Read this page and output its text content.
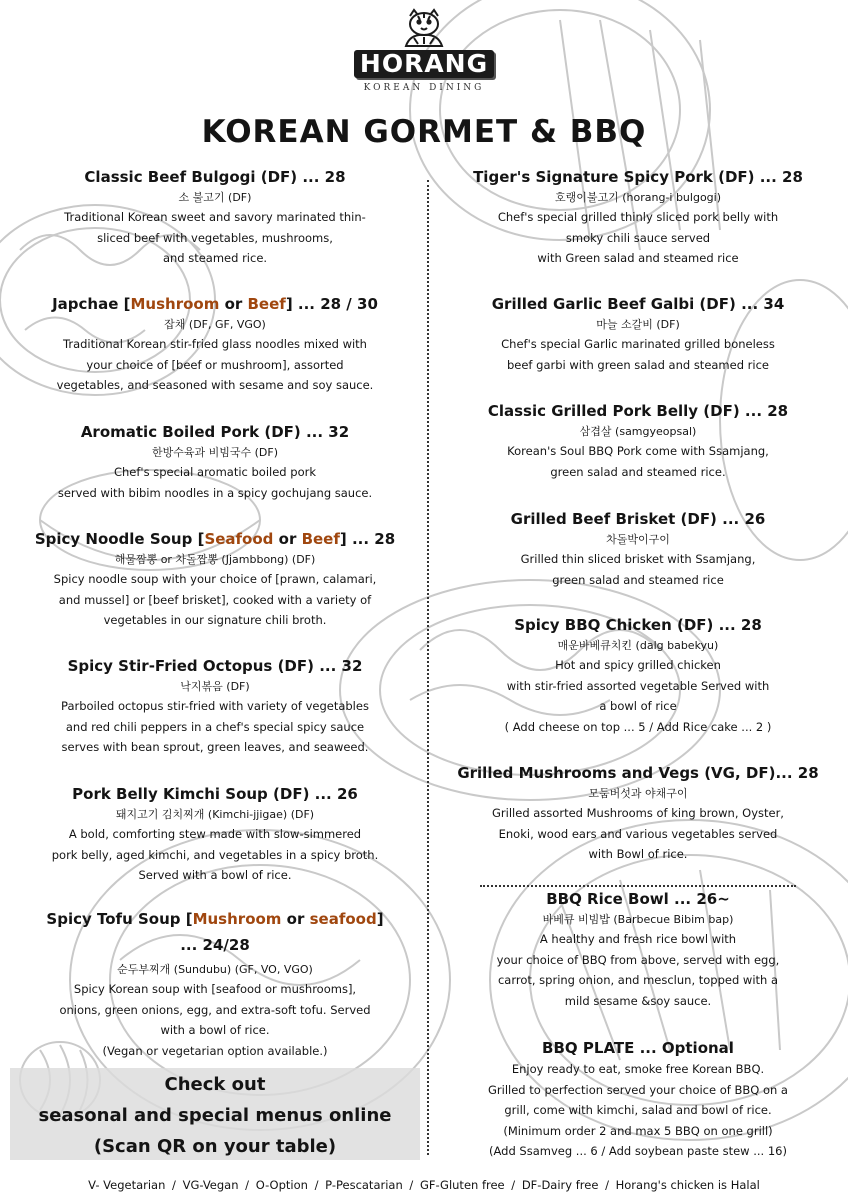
HORANG
KOREAN DINING
KOREAN GORMET & BBQ
Classic Beef Bulgogi (DF) ... 28
소 불고기 (DF)
Traditional Korean sweet and savory marinated thin-
sliced beef with vegetables, mushrooms,
and steamed rice.
Japchae [Mushroom or Beef] ... 28 / 30
잡채 (DF, GF, VGO)
Traditional Korean stir-fried glass noodles mixed with
your choice of [beef or mushroom], assorted
vegetables, and seasoned with sesame and soy sauce.
Aromatic Boiled Pork (DF) ... 32
한방수육과 비빔국수 (DF)
Chef's special aromatic boiled pork
served with bibim noodles in a spicy gochujang sauce.
Spicy Noodle Soup [Seafood or Beef] ... 28
해물짬뽕 or 차돌짬뽕 (Jjambbong) (DF)
Spicy noodle soup with your choice of [prawn, calamari,
and mussel] or [beef brisket], cooked with a variety of
vegetables in our signature chili broth.
Spicy Stir-Fried Octopus (DF) ... 32
낙지볶음 (DF)
Parboiled octopus stir-fried with variety of vegetables
and red chili peppers in a chef's special spicy sauce
serves with bean sprout, green leaves, and seaweed.
Pork Belly Kimchi Soup (DF) ... 26
돼지고기 김치찌개 (Kimchi-jjigae) (DF)
A bold, comforting stew made with slow-simmered
pork belly, aged kimchi, and vegetables in a spicy broth.
Served with a bowl of rice.
Spicy Tofu Soup [Mushroom or seafood]
... 24/28
순두부찌개 (Sundubu) (GF, VO, VGO)
Spicy Korean soup with [seafood or mushrooms],
onions, green onions, egg, and extra-soft tofu. Served
with a bowl of rice.
(Vegan or vegetarian option available.)
Check out
seasonal and special menus online
(Scan QR on your table)
Tiger's Signature Spicy Pork (DF) ... 28
호랭이불고기 (horang-i bulgogi)
Chef's special grilled thinly sliced pork belly with
smoky chili sauce served
with Green salad and steamed rice
Grilled Garlic Beef Galbi (DF) ... 34
마늘 소갈비 (DF)
Chef's special Garlic marinated grilled boneless
beef garbi with green salad and steamed rice
Classic Grilled Pork Belly (DF) ... 28
삼겹살 (samgyeopsal)
Korean's Soul BBQ Pork come with Ssamjang,
green salad and steamed rice.
Grilled Beef Brisket (DF) ... 26
차돌박이구이
Grilled thin sliced brisket with Ssamjang,
green salad and steamed rice
Spicy BBQ Chicken (DF) ... 28
매운바베큐치킨 (dalg babekyu)
Hot and spicy grilled chicken
with stir-fried assorted vegetable Served with
a bowl of rice
( Add cheese on top ... 5 / Add Rice cake ... 2 )
Grilled Mushrooms and Vegs (VG, DF)... 28
모둠버섯과 야채구이
Grilled assorted Mushrooms of king brown, Oyster,
Enoki, wood ears and various vegetables served
with Bowl of rice.
BBQ Rice Bowl ... 26~
바베큐 비빔밥 (Barbecue Bibim bap)
A healthy and fresh rice bowl with
your choice of BBQ from above, served with egg,
carrot, spring onion, and mesclun, topped with a
mild sesame &soy sauce.
BBQ PLATE ... Optional
Enjoy ready to eat, smoke free Korean BBQ.
Grilled to perfection served your choice of BBQ on a
grill, come with kimchi, salad and bowl of rice.
(Minimum order 2 and max 5 BBQ on one grill)
(Add Ssamveg ... 6 / Add soybean paste stew ... 16)
V- Vegetarian / VG-Vegan / O-Option / P-Pescatarian / GF-Gluten free / DF-Dairy free / Horang's chicken is Halal
